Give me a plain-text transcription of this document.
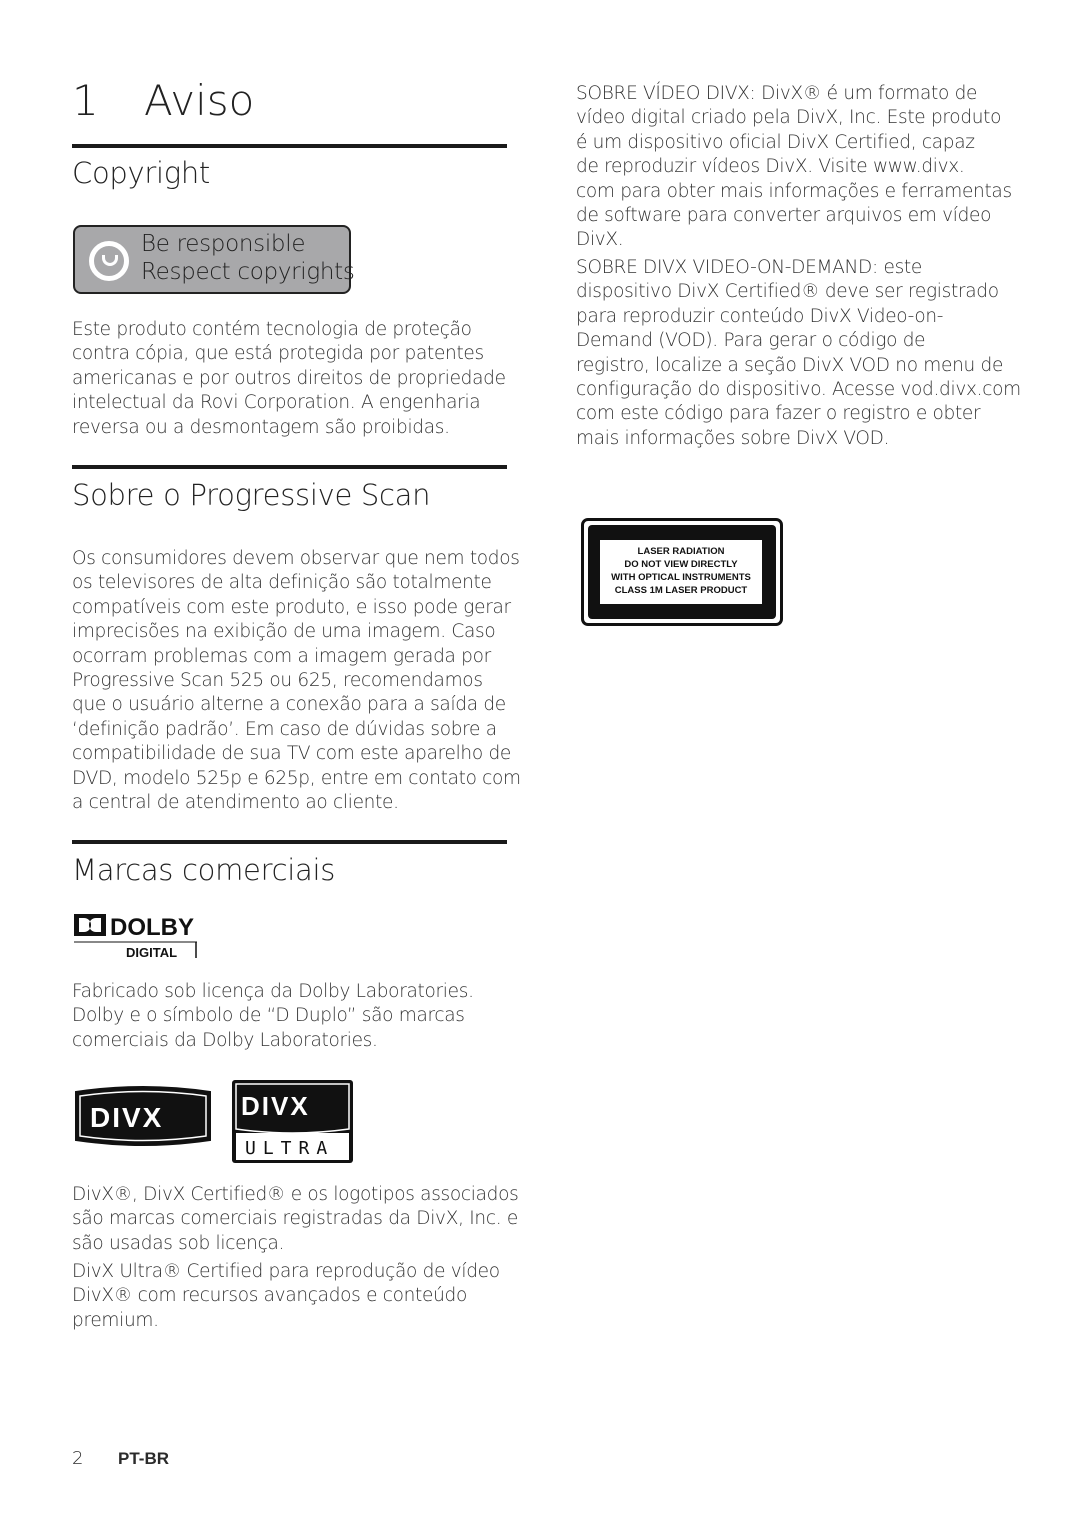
1 Aviso
Copyright
Be responsible
Respect copyrights
Este produto contém tecnologia de proteção
contra cópia, que está protegida por patentes
americanas e por outros direitos de propriedade
intelectual da Rovi Corporation. A engenharia
reversa ou a desmontagem são proibidas.
Sobre o Progressive Scan
Os consumidores devem observar que nem todos
os televisores de alta definição são totalmente
compatíveis com este produto, e isso pode gerar
imprecisões na exibição de uma imagem. Caso
ocorram problemas com a imagem gerada por
Progressive Scan 525 ou 625, recomendamos
que o usuário alterne a conexão para a saída de
‘definição padrão’. Em caso de dúvidas sobre a
compatibilidade de sua TV com este aparelho de
DVD, modelo 525p e 625p, entre em contato com
a central de atendimento ao cliente.
Marcas comerciais
DOLBY
DIGITAL
Fabricado sob licença da Dolby Laboratories.
Dolby e o símbolo de “D Duplo” são marcas
comerciais da Dolby Laboratories.
DIVX	DIVX
ULTRA
DivX®, DivX Certified® e os logotipos associados
são marcas comerciais registradas da DivX, Inc. e
são usadas sob licença.
DivX Ultra® Certified para reprodução de vídeo
DivX® com recursos avançados e conteúdo
premium.
SOBRE VÍDEO DIVX: DivX® é um formato de
vídeo digital criado pela DivX, Inc. Este produto
é um dispositivo oficial DivX Certified, capaz
de reproduzir vídeos DivX. Visite www.divx.
com para obter mais informações e ferramentas
de software para converter arquivos em vídeo
DivX.
SOBRE DIVX VIDEO-ON-DEMAND: este
dispositivo DivX Certified® deve ser registrado
para reproduzir conteúdo DivX Video-on-
Demand (VOD). Para gerar o código de
registro, localize a seção DivX VOD no menu de
configuração do dispositivo. Acesse vod.divx.com
com este código para fazer o registro e obter
mais informações sobre DivX VOD.
LASER RADIATION
DO NOT VIEW DIRECTLY
WITH OPTICAL INSTRUMENTS
CLASS 1M LASER PRODUCT
2 PT-BR
